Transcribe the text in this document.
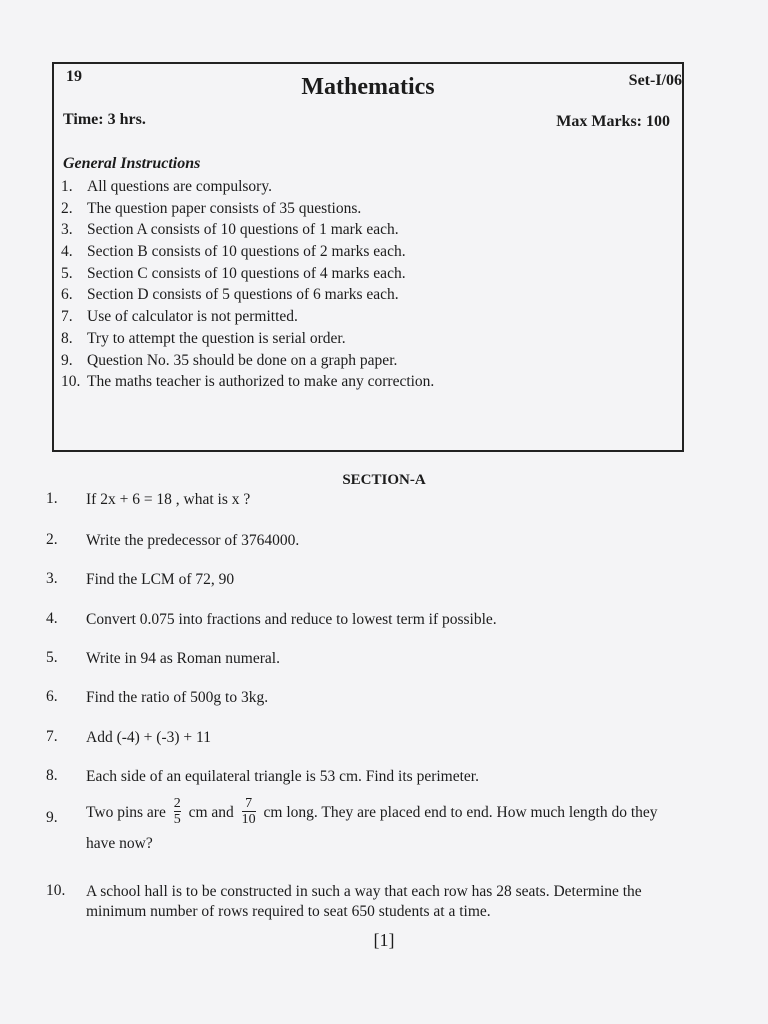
19	Mathematics	Set-I/06
Time: 3 hrs.	Max Marks: 100
General Instructions
1. All questions are compulsory.
2. The question paper consists of 35 questions.
3. Section A consists of 10 questions of 1 mark each.
4. Section B consists of 10 questions of 2 marks each.
5. Section C consists of 10 questions of 4 marks each.
6. Section D consists of 5 questions of 6 marks each.
7. Use of calculator is not permitted.
8. Try to attempt the question is serial order.
9. Question No. 35 should be done on a graph paper.
10. The maths teacher is authorized to make any correction.
SECTION-A
1.	If 2x + 6 = 18 , what is x ?
2.	Write the predecessor of 3764000.
3.	Find the LCM of 72, 90
4.	Convert 0.075 into fractions and reduce to lowest term if possible.
5.	Write in 94 as Roman numeral.
6.	Find the ratio of 500g to 3kg.
7.	Add (-4) + (-3) + 11
8.	Each side of an equilateral triangle is 53 cm. Find its perimeter.
9.	Two pins are $\frac{2}{5}$ cm and $\frac{7}{10}$ cm long. They are placed end to end. How much length do they
have now?
10.	A school hall is to be constructed in such a way that each row has 28 seats. Determine the minimum number of rows required to seat 650 students at a time.
[1]
